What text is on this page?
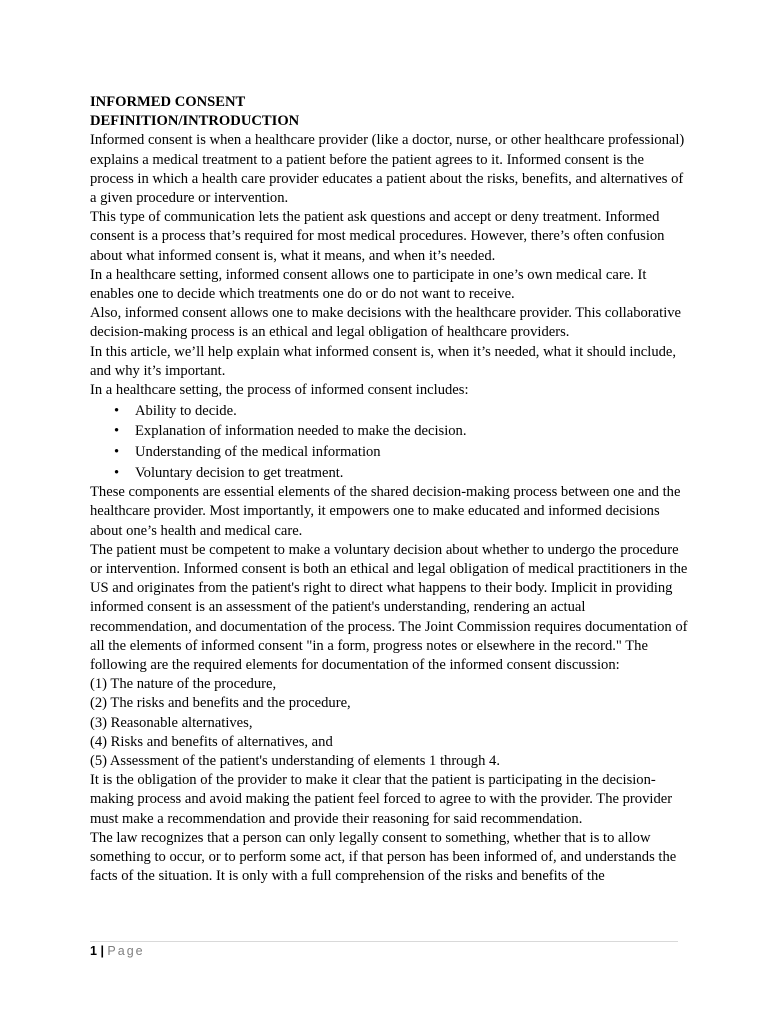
INFORMED CONSENT

DEFINITION/INTRODUCTION

Informed consent is when a healthcare provider (like a doctor, nurse, or other healthcare professional) explains a medical treatment to a patient before the patient agrees to it. Informed consent is the process in which a health care provider educates a patient about the risks, benefits, and alternatives of a given procedure or intervention.

This type of communication lets the patient ask questions and accept or deny treatment. Informed consent is a process that’s required for most medical procedures. However, there’s often confusion about what informed consent is, what it means, and when it’s needed.

In a healthcare setting, informed consent allows one to participate in one’s own medical care. It enables one to decide which treatments one do or do not want to receive.

Also, informed consent allows one to make decisions with the healthcare provider. This collaborative decision-making process is an ethical and legal obligation of healthcare providers.

In this article, we’ll help explain what informed consent is, when it’s needed, what it should include, and why it’s important.

In a healthcare setting, the process of informed consent includes:

• Ability to decide.
• Explanation of information needed to make the decision.
• Understanding of the medical information
• Voluntary decision to get treatment.

These components are essential elements of the shared decision-making process between one and the healthcare provider. Most importantly, it empowers one to make educated and informed decisions about one’s health and medical care.

The patient must be competent to make a voluntary decision about whether to undergo the procedure or intervention. Informed consent is both an ethical and legal obligation of medical practitioners in the US and originates from the patient's right to direct what happens to their body. Implicit in providing informed consent is an assessment of the patient's understanding, rendering an actual recommendation, and documentation of the process. The Joint Commission requires documentation of all the elements of informed consent "in a form, progress notes or elsewhere in the record." The following are the required elements for documentation of the informed consent discussion:

(1) The nature of the procedure,

(2) The risks and benefits and the procedure,

(3) Reasonable alternatives,

(4) Risks and benefits of alternatives, and

(5) Assessment of the patient's understanding of elements 1 through 4.

It is the obligation of the provider to make it clear that the patient is participating in the decision-making process and avoid making the patient feel forced to agree to with the provider. The provider must make a recommendation and provide their reasoning for said recommendation.

The law recognizes that a person can only legally consent to something, whether that is to allow something to occur, or to perform some act, if that person has been informed of, and understands the facts of the situation. It is only with a full comprehension of the risks and benefits of the

1 | Page
